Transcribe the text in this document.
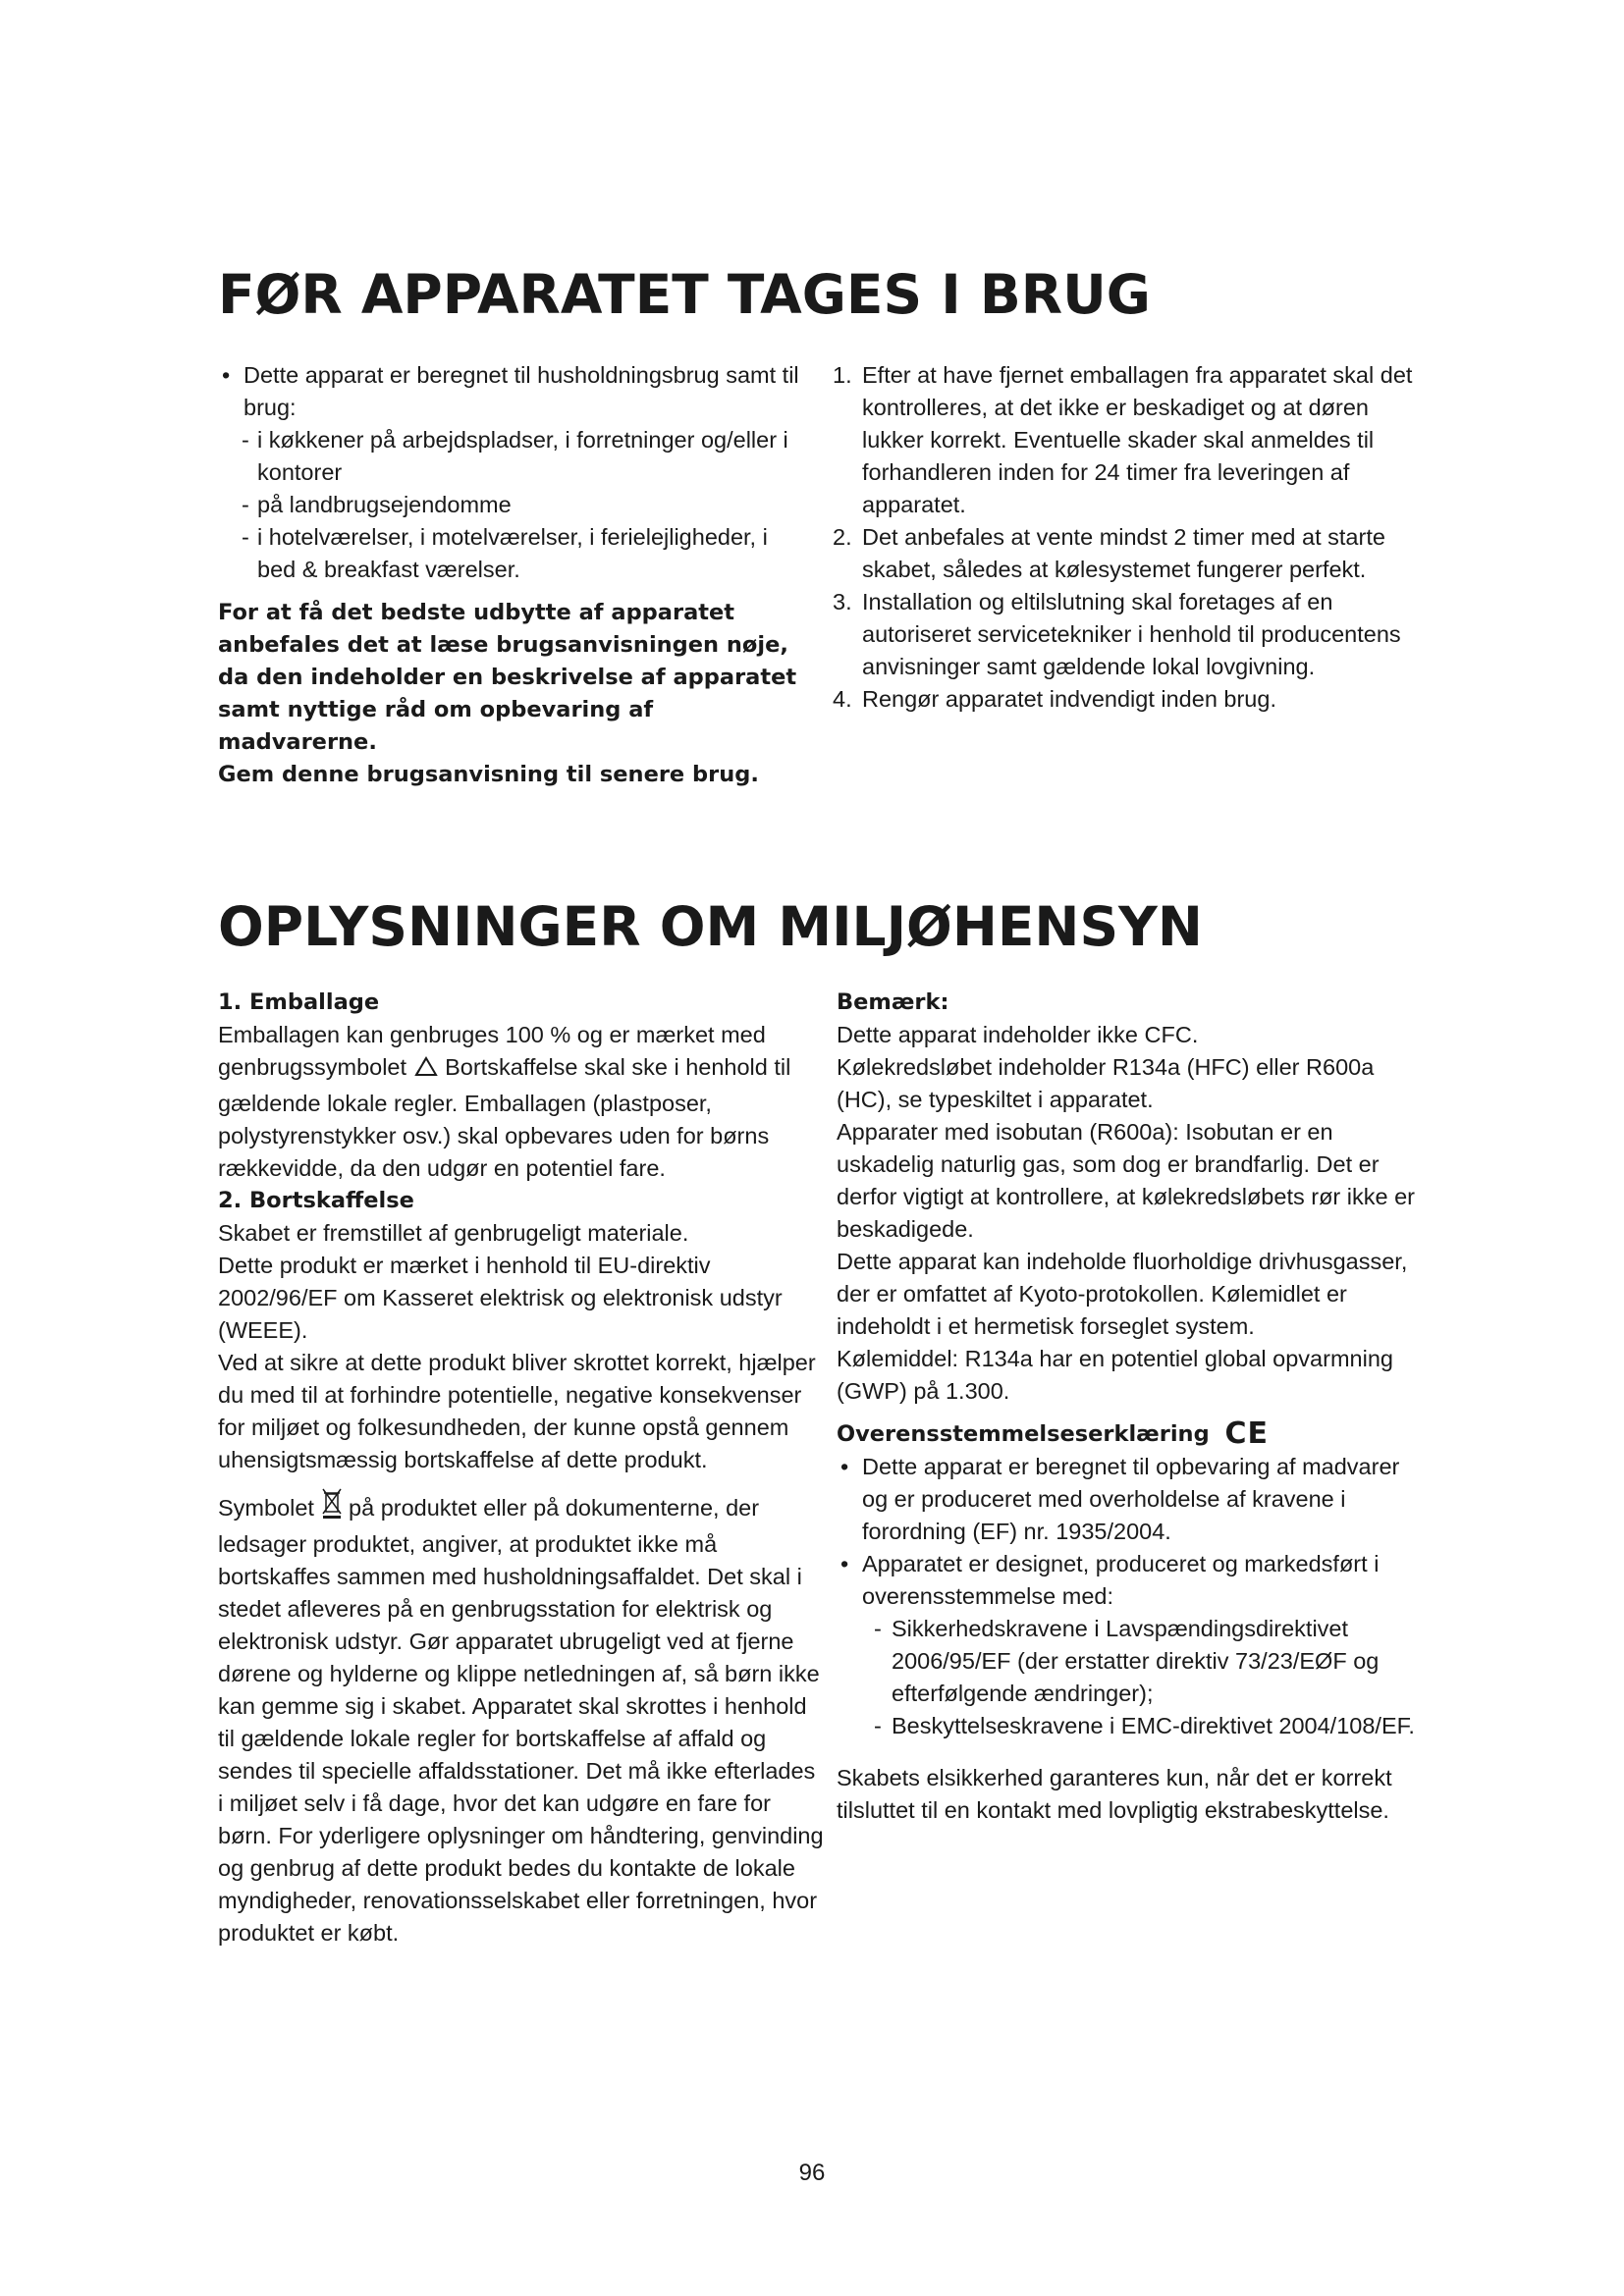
FØR APPARATET TAGES I BRUG

• Dette apparat er beregnet til husholdningsbrug samt til brug:

- i køkkener på arbejdspladser, i forretninger og/eller i kontorer

- på landbrugsejendomme

- i hotelværelser, i motelværelser, i ferielejligheder, i bed & breakfast værelser.

For at få det bedste udbytte af apparatet anbefales det at læse brugsanvisningen nøje, da den indeholder en beskrivelse af apparatet samt nyttige råd om opbevaring af madvarerne.

Gem denne brugsanvisning til senere brug.

1. Efter at have fjernet emballagen fra apparatet skal det kontrolleres, at det ikke er beskadiget og at døren lukker korrekt. Eventuelle skader skal anmeldes til forhandleren inden for 24 timer fra leveringen af apparatet.

2. Det anbefales at vente mindst 2 timer med at starte skabet, således at kølesystemet fungerer perfekt.

3. Installation og eltilslutning skal foretages af en autoriseret servicetekniker i henhold til producentens anvisninger samt gældende lokal lovgivning.

4. Rengør apparatet indvendigt inden brug.

OPLYSNINGER OM MILJØHENSYN

1. Emballage

Emballagen kan genbruges 100 % og er mærket med genbrugssymbolet Bortskaffelse skal ske i henhold til gældende lokale regler. Emballagen (plastposer, polystyrenstykker osv.) skal opbevares uden for børns rækkevidde, da den udgør en potentiel fare.

2. Bortskaffelse

Skabet er fremstillet af genbrugeligt materiale.

Dette produkt er mærket i henhold til EU-direktiv 2002/96/EF om Kasseret elektrisk og elektronisk udstyr (WEEE).

Ved at sikre at dette produkt bliver skrottet korrekt, hjælper du med til at forhindre potentielle, negative konsekvenser for miljøet og folkesundheden, der kunne opstå gennem uhensigtsmæssig bortskaffelse af dette produkt.

Symbolet på produktet eller på dokumenterne, der ledsager produktet, angiver, at produktet ikke må bortskaffes sammen med husholdningsaffaldet. Det skal i stedet afleveres på en genbrugsstation for elektrisk og elektronisk udstyr. Gør apparatet ubrugeligt ved at fjerne dørene og hylderne og klippe netledningen af, så børn ikke kan gemme sig i skabet. Apparatet skal skrottes i henhold til gældende lokale regler for bortskaffelse af affald og sendes til specielle affaldsstationer. Det må ikke efterlades i miljøet selv i få dage, hvor det kan udgøre en fare for børn. For yderligere oplysninger om håndtering, genvinding og genbrug af dette produkt bedes du kontakte de lokale myndigheder, renovationsselskabet eller forretningen, hvor produktet er købt.

Bemærk:

Dette apparat indeholder ikke CFC.

Kølekredsløbet indeholder R134a (HFC) eller R600a (HC), se typeskiltet i apparatet.

Apparater med isobutan (R600a): Isobutan er en uskadelig naturlig gas, som dog er brandfarlig. Det er derfor vigtigt at kontrollere, at kølekredsløbets rør ikke er beskadigede.

Dette apparat kan indeholde fluorholdige drivhusgasser, der er omfattet af Kyoto-protokollen. Kølemidlet er indeholdt i et hermetisk forseglet system.

Kølemiddel: R134a har en potentiel global opvarmning (GWP) på 1.300.

Overensstemmelseserklæring CE

• Dette apparat er beregnet til opbevaring af madvarer og er produceret med overholdelse af kravene i forordning (EF) nr. 1935/2004.

• Apparatet er designet, produceret og markedsført i overensstemmelse med:

- Sikkerhedskravene i Lavspændingsdirektivet 2006/95/EF (der erstatter direktiv 73/23/EØF og efterfølgende ændringer);

- Beskyttelseskravene i EMC-direktivet 2004/108/EF.

Skabets elsikkerhed garanteres kun, når det er korrekt tilsluttet til en kontakt med lovpligtig ekstrabeskyttelse.

96
